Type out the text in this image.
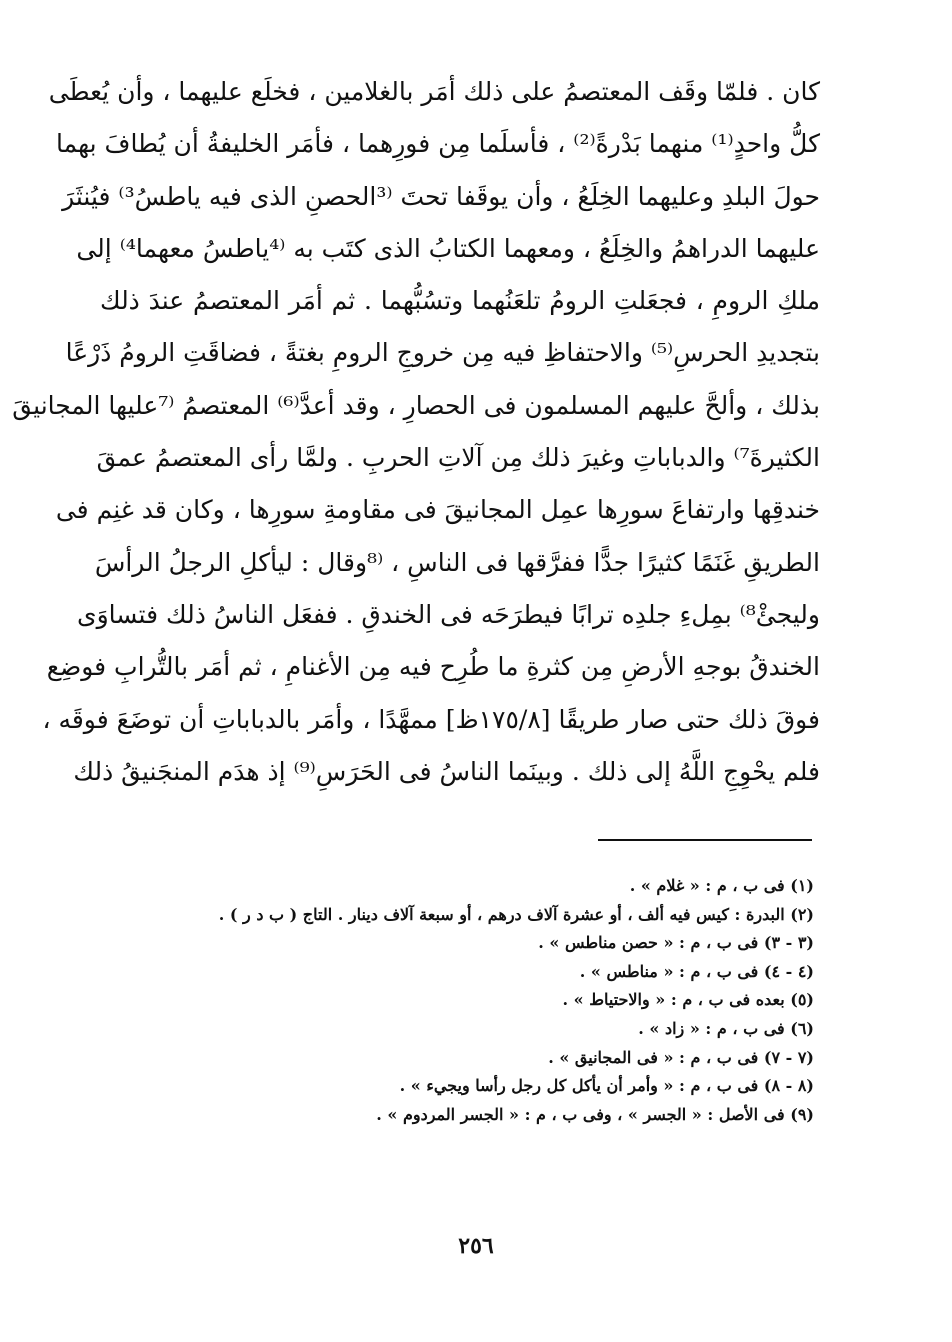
كان . فلمّا وقَف المعتصمُ على ذلك أمَر بالغلامين ، فخلَع عليهما ، وأن يُعطَى
كلُّ واحدٍ⁽¹⁾ منهما بَدْرةً⁽²⁾ ، فأسلَما مِن فورِهما ، فأمَر الخليفةُ أن يُطافَ بهما
حولَ البلدِ وعليهما الخِلَعُ ، وأن يوقَفا تحتَ ⁽³الحصنِ الذى فيه ياطسُ³⁾ فيُنثَرَ
عليهما الدراهمُ والخِلَعُ ، ومعهما الكتابُ الذى كتَب به ⁽⁴ياطسُ معهما⁴⁾ إلى
ملكِ الرومِ ، فجعَلتِ الرومُ تلعَنُهما وتسُبُّهما . ثم أمَر المعتصمُ عندَ ذلك
بتجديدِ الحرسِ⁽⁵⁾ والاحتفاظِ فيه مِن خروجِ الرومِ بغتةً ، فضاقَتِ الرومُ ذَرْعًا
بذلك ، وألحَّ عليهم المسلمون فى الحصارِ ، وقد أعدَّ⁽⁶⁾ المعتصمُ ⁽⁷عليها المجانيقَ
الكثيرةَ⁷⁾ والدباباتِ وغيرَ ذلك مِن آلاتِ الحربِ . ولمَّا رأى المعتصمُ عمقَ
خندقِها وارتفاعَ سورِها عمِل المجانيقَ فى مقاومةِ سورِها ، وكان قد غنِم فى
الطريقِ غَنَمًا كثيرًا جدًّا ففرَّقها فى الناسِ ، ⁽⁸وقال : ليأكلِ الرجلُ الرأسَ
وليجئْ⁸⁾ بمِلءِ جلدِه ترابًا فيطرَحَه فى الخندقِ . ففعَل الناسُ ذلك فتساوَى
الخندقُ بوجهِ الأرضِ مِن كثرةِ ما طُرِح فيه مِن الأغنامِ ، ثم أمَر بالتُّرابِ فوضِع
فوقَ ذلك حتى صار طريقًا [١٧٥/٨ظ] ممهَّدًا ، وأمَر بالدباباتِ أن توضَعَ فوقَه ،
فلم يحْوِجِ اللَّهُ إلى ذلك . وبينَما الناسُ فى الحَرَسِ⁽⁹⁾ إذ هدَم المنجَنيقُ ذلك
(١) فى ب ، م : « غلام » .
(٢) البدرة : كيس فيه ألف ، أو عشرة آلاف درهم ، أو سبعة آلاف دينار . التاج ( ب د ر ) .
(٣ - ٣) فى ب ، م : « حصن مناطس » .
(٤ - ٤) فى ب ، م : « مناطس » .
(٥) بعده فى ب ، م : « والاحتياط » .
(٦) فى ب ، م : « زاد » .
(٧ - ٧) فى ب ، م : « فى المجانيق » .
(٨ - ٨) فى ب ، م : « وأمر أن يأكل كل رجل رأسا ويجيء » .
(٩) فى الأصل : « الجسر » ، وفى ب ، م : « الجسر المردوم » .
٢٥٦
